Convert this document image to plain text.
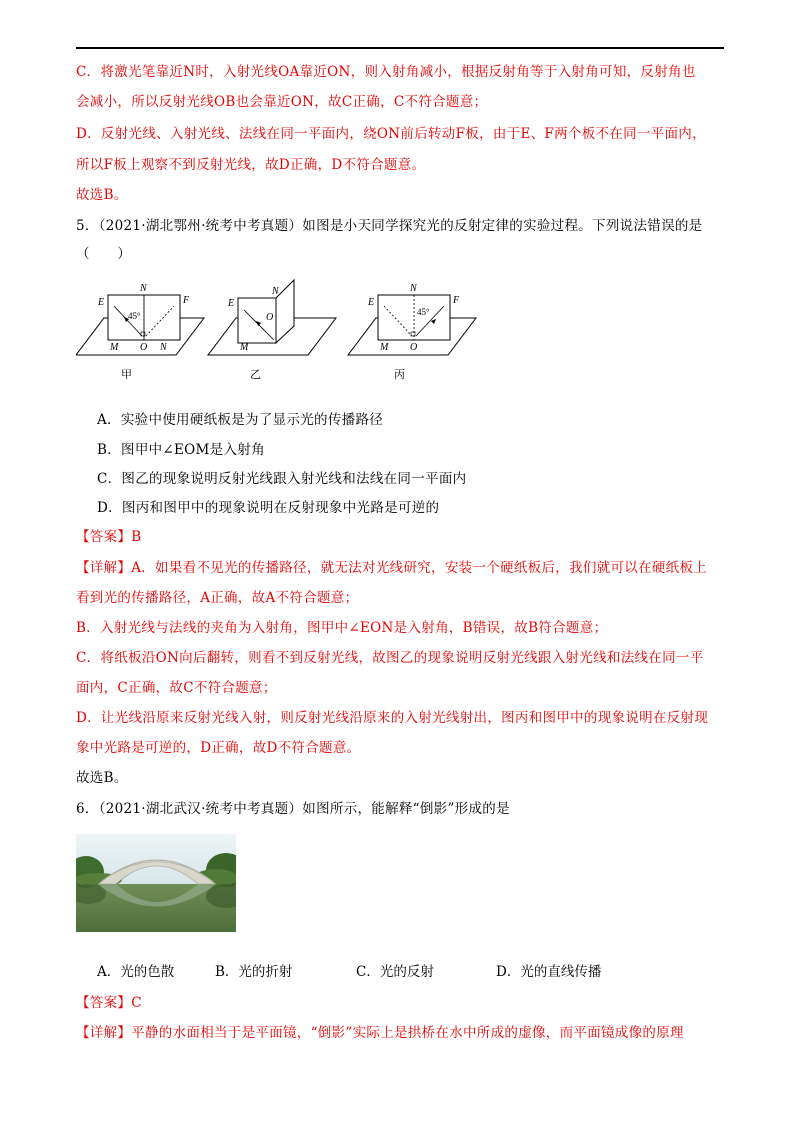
C．将激光笔靠近N时，入射光线OA靠近ON，则入射角减小，根据反射角等于入射角可知，反射角也
会减小，所以反射光线OB也会靠近ON，故C正确，C不符合题意；
D．反射光线、入射光线、法线在同一平面内，绕ON前后转动F板，由于E、F两个板不在同一平面内，
所以F板上观察不到反射光线，故D正确，D不符合题意。
故选B。
5．（2021·湖北鄂州·统考中考真题）如图是小天同学探究光的反射定律的实验过程。下列说法错误的是
（　　）
E	F
N
45°
M O N
甲
E
N
O
M
乙
E	F
N
45°
M O
丙
A．实验中使用硬纸板是为了显示光的传播路径
B．图甲中∠EOM是入射角
C．图乙的现象说明反射光线跟入射光线和法线在同一平面内
D．图丙和图甲中的现象说明在反射现象中光路是可逆的
【答案】B
【详解】A．如果看不见光的传播路径，就无法对光线研究，安装一个硬纸板后，我们就可以在硬纸板上
看到光的传播路径，A正确，故A不符合题意；
B．入射光线与法线的夹角为入射角，图甲中∠EON是入射角，B错误，故B符合题意；
C．将纸板沿ON向后翻转，则看不到反射光线，故图乙的现象说明反射光线跟入射光线和法线在同一平
面内，C正确，故C不符合题意；
D．让光线沿原来反射光线入射，则反射光线沿原来的入射光线射出，图丙和图甲中的现象说明在反射现
象中光路是可逆的，D正确，故D不符合题意。
故选B。
6．（2021·湖北武汉·统考中考真题）如图所示，能解释“倒影”形成的是
A．光的色散	B．光的折射	C．光的反射	D．光的直线传播
【答案】C
【详解】平静的水面相当于是平面镜，“倒影”实际上是拱桥在水中所成的虚像，而平面镜成像的原理
